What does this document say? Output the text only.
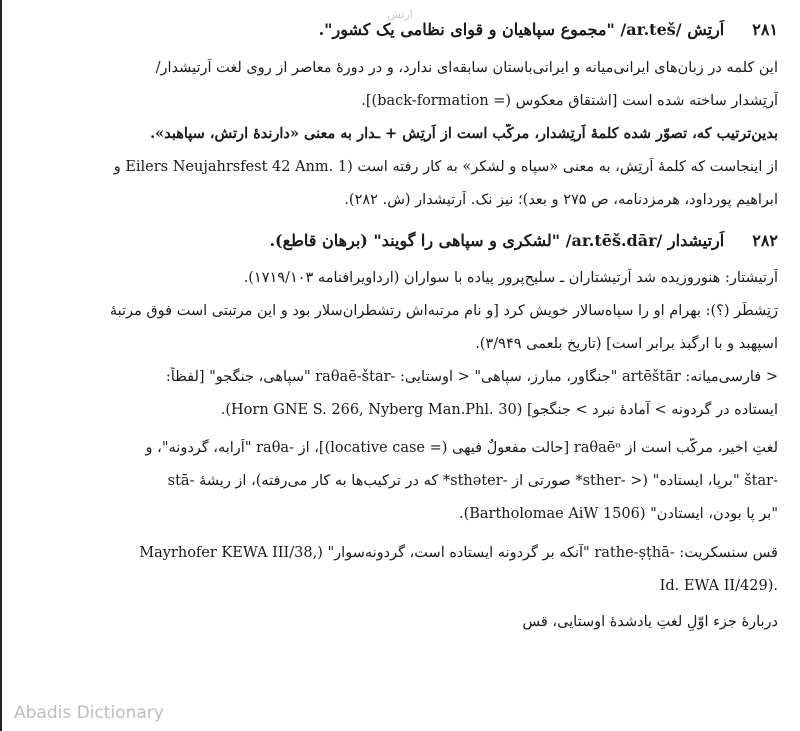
ارتش
۲۸۱اَرتِش /ar.teš/ "مجموعِ سپاهیان و قوای نظامی یک کشور".
این کلمه در زبان‌های ایرانی‌میانه و ایرانی‌باستان سابقه‌ای ندارد، و در دورهٔ معاصر از روی لغت اَرتیشدار/
اَرتِشدار ساخته شده است [اشتقاق معکوس (= back-formation)].
بدین‌ترتیب که، تصوّر شده کلمهٔ اَرتِشدار، مرکّب است از اَرتِش + ـدار به معنی «دارندهٔ ارتش، سپاهبد».
از اینجاست که کلمهٔ اَرتِش، به معنی «سپاه و لشکر» به کار رفته است (Eilers Neujahrsfest 42 Anm. 1 و
ابراهیم پورداود، هرمزدنامه، ص ۲۷۵ و بعد)؛ نیز نک. اَرتیشدار (ش. ۲۸۲).
۲۸۲اَرتیشدار /ar.tēš.dār/ "لشکری و سپاهی را گویند" (برهان قاطع).
اَرتیشتار: هنوروزیده شد اَرتیشتاران ـ سلیح‌پرور پیاده با سواران (ارداویرافنامه ۱۷۱۹/۱۰۳).
رَتِشطَر (؟): بهرام او را سپاه‌سالار خویش کرد [و نام مرتبه‌اش رتشطران‌سلار بود و این مرتبتی است فوق مرتبهٔ
اسپهبد و با ارگبذ برابر است] (تاریخ بلعمی ۳/۹۴۹).
< فارسی‌میانه: artēštār "جنگاور، مبارز، سپاهی" < اوستایی: -raθaē-štar "سپاهی، جنگجو" [لفظاً:
ایستاده در گردونه > آمادهٔ نبرد > جنگجو] (Horn GNE S. 266, Nyberg Man.Phl. 30).
لغتِ اخیر، مرکّب است از raθaēᵒ [حالت مفعولٌ فیهی (= locative case)]، از -raθa "اَرابه، گردونه"، و
-štar "برپا، ایستاده" (< -sther* صورتی از -sthəter* که در ترکیب‌ها به کار می‌رفته)، از ریشهٔ -stā
"بر پا بودن، ایستادن" (Bartholomae AiW 1506).
قس سنسکریت: -rathe-ṣṭhā "آنکه بر گردونه ایستاده است، گردونه‌سوار" (,Mayrhofer KEWA III/38
.(Id. EWA II/429
دربارهٔ جزء اوّلِ لغتِ یادشدهٔ اوستایی، قس
Abadis Dictionary
